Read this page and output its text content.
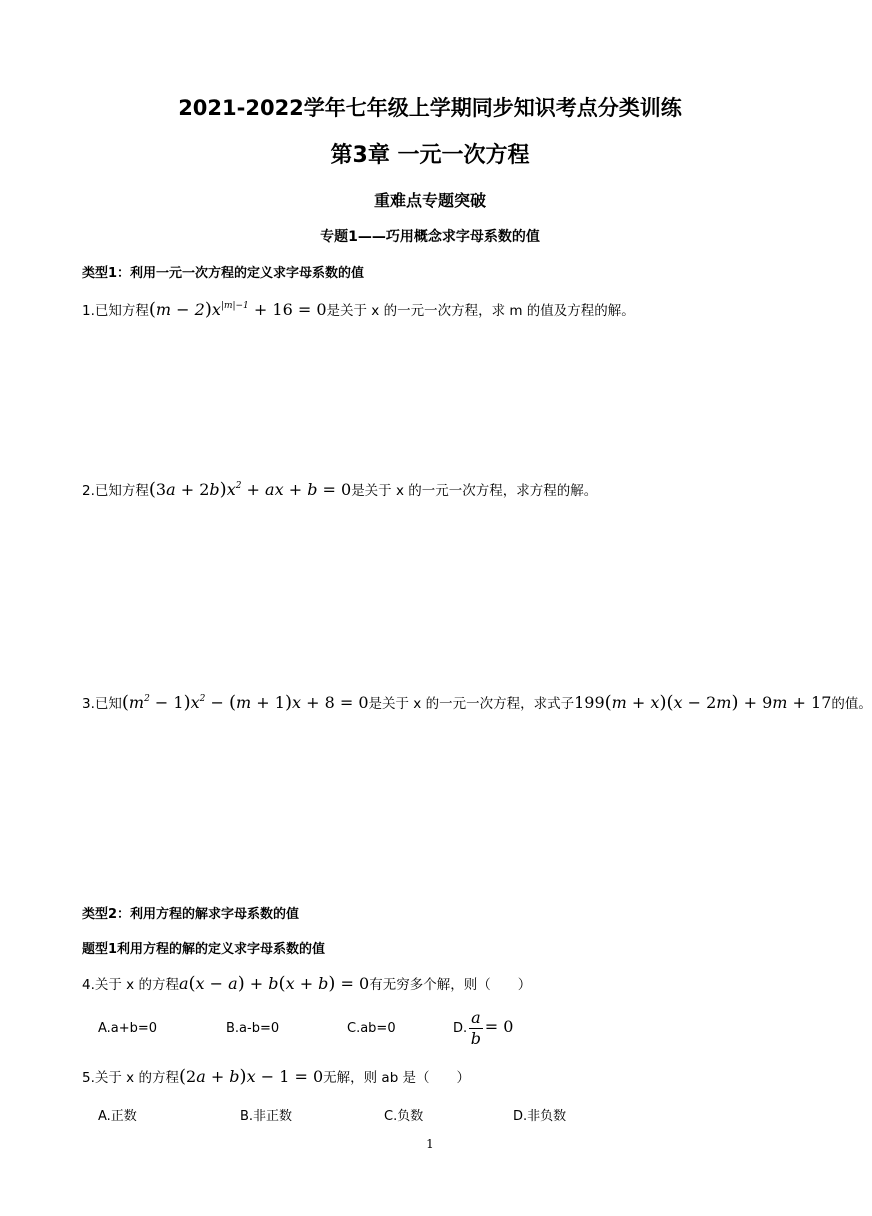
2021-2022学年七年级上学期同步知识考点分类训练
第3章 一元一次方程
重难点专题突破
专题1——巧用概念求字母系数的值
类型1：利用一元一次方程的定义求字母系数的值
1.已知方程$(m - 2)x^{|m|-1} + 16 = 0$是关于 x 的一元一次方程，求 m 的值及方程的解。
2.已知方程$(3a + 2b)x^2$ + ax + b = 0是关于 x 的一元一次方程，求方程的解。
3.已知$(m^2 - 1)x^2 - (m + 1)x + 8 = 0$是关于 x 的一元一次方程，求式子199(m + x)(x − 2m) + 9m + 17的值。
类型2：利用方程的解求字母系数的值
题型1利用方程的解的定义求字母系数的值
4.关于 x 的方程a(x − a) + b(x + b) = 0有无穷多个解，则（　　）
A.a+b=0	B.a-b=0	C.ab=0	D. $\frac{a}{b} = 0$
5.关于 x 的方程(2a + b)x − 1 = 0无解，则 ab 是（　　）
A.正数	B.非正数	C.负数	D.非负数
1
